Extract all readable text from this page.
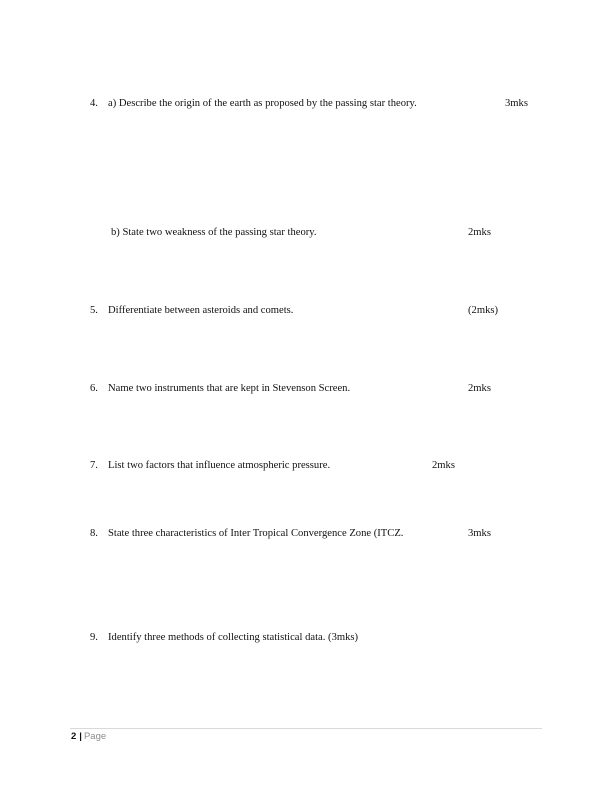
4. a) Describe the origin of the earth as proposed by the passing star theory.	3mks
b) State two weakness of the passing star theory.	2mks
5. Differentiate between asteroids and comets.	(2mks)
6. Name two instruments that are kept in Stevenson Screen.	2mks
7. List two factors that influence atmospheric pressure.	2mks
8. State three characteristics of Inter Tropical Convergence Zone (ITCZ.	3mks
9. Identify three methods of collecting statistical data. (3mks)
2 | Page
